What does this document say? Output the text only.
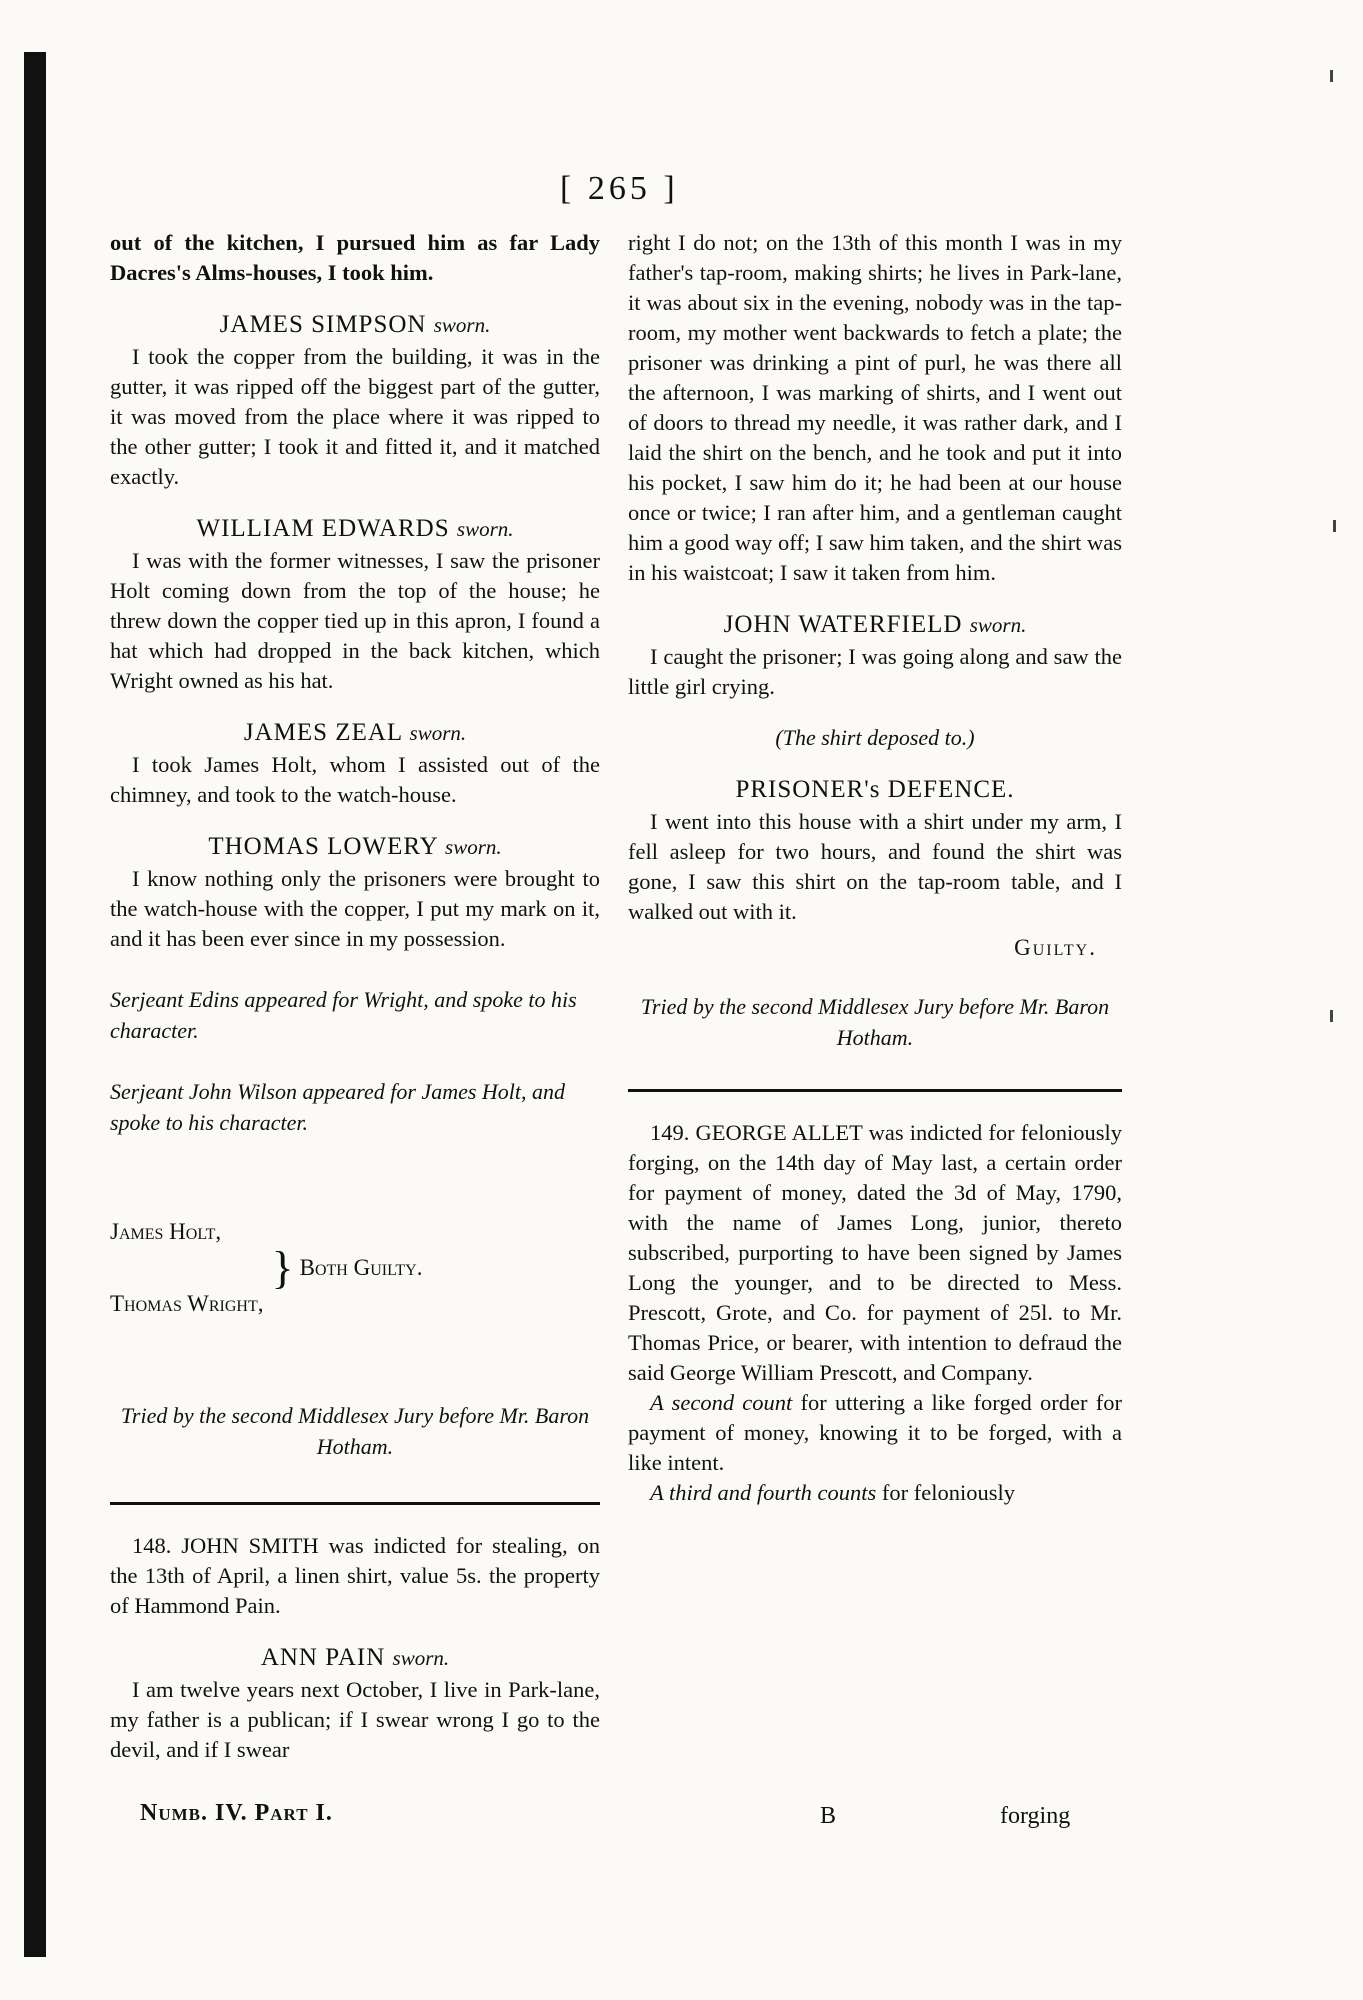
[ 265 ]

out of the kitchen, I pursued him as far Lady Dacres's Alms-houses, I took him.

JAMES SIMPSON sworn.

I took the copper from the building, it was in the gutter, it was ripped off the biggest part of the gutter, it was moved from the place where it was ripped to the other gutter; I took it and fitted it, and it matched exactly.

WILLIAM EDWARDS sworn.

I was with the former witnesses, I saw the prisoner Holt coming down from the top of the house; he threw down the copper tied up in this apron, I found a hat which had dropped in the back kitchen, which Wright owned as his hat.

JAMES ZEAL sworn.

I took James Holt, whom I assisted out of the chimney, and took to the watch-house.

THOMAS LOWERY sworn.

I know nothing only the prisoners were brought to the watch-house with the copper, I put my mark on it, and it has been ever since in my possession.

Serjeant Edins appeared for Wright, and spoke to his character.

Serjeant John Wilson appeared for James Holt, and spoke to his character.

James Holt,

Thomas Wright,

} Both Guilty.

Tried by the second Middlesex Jury before Mr. Baron Hotham.

148. JOHN SMITH was indicted for stealing, on the 13th of April, a linen shirt, value 5s. the property of Hammond Pain.

ANN PAIN sworn.

I am twelve years next October, I live in Park-lane, my father is a publican; if I swear wrong I go to the devil, and if I swear

right I do not; on the 13th of this month I was in my father's tap-room, making shirts; he lives in Park-lane, it was about six in the evening, nobody was in the tap-room, my mother went backwards to fetch a plate; the prisoner was drinking a pint of purl, he was there all the afternoon, I was marking of shirts, and I went out of doors to thread my needle, it was rather dark, and I laid the shirt on the bench, and he took and put it into his pocket, I saw him do it; he had been at our house once or twice; I ran after him, and a gentleman caught him a good way off; I saw him taken, and the shirt was in his waistcoat; I saw it taken from him.

JOHN WATERFIELD sworn.

I caught the prisoner; I was going along and saw the little girl crying.

(The shirt deposed to.)

PRISONER's DEFENCE.

I went into this house with a shirt under my arm, I fell asleep for two hours, and found the shirt was gone, I saw this shirt on the tap-room table, and I walked out with it.

Guilty.

Tried by the second Middlesex Jury before Mr. Baron Hotham.

149. GEORGE ALLET was indicted for feloniously forging, on the 14th day of May last, a certain order for payment of money, dated the 3d of May, 1790, with the name of James Long, junior, thereto subscribed, purporting to have been signed by James Long the younger, and to be directed to Mess. Prescott, Grote, and Co. for payment of 25l. to Mr. Thomas Price, or bearer, with intention to defraud the said George William Prescott, and Company.

A second count for uttering a like forged order for payment of money, knowing it to be forged, with a like intent.

A third and fourth counts for feloniously

Numb. IV. Part I.	B	forging
